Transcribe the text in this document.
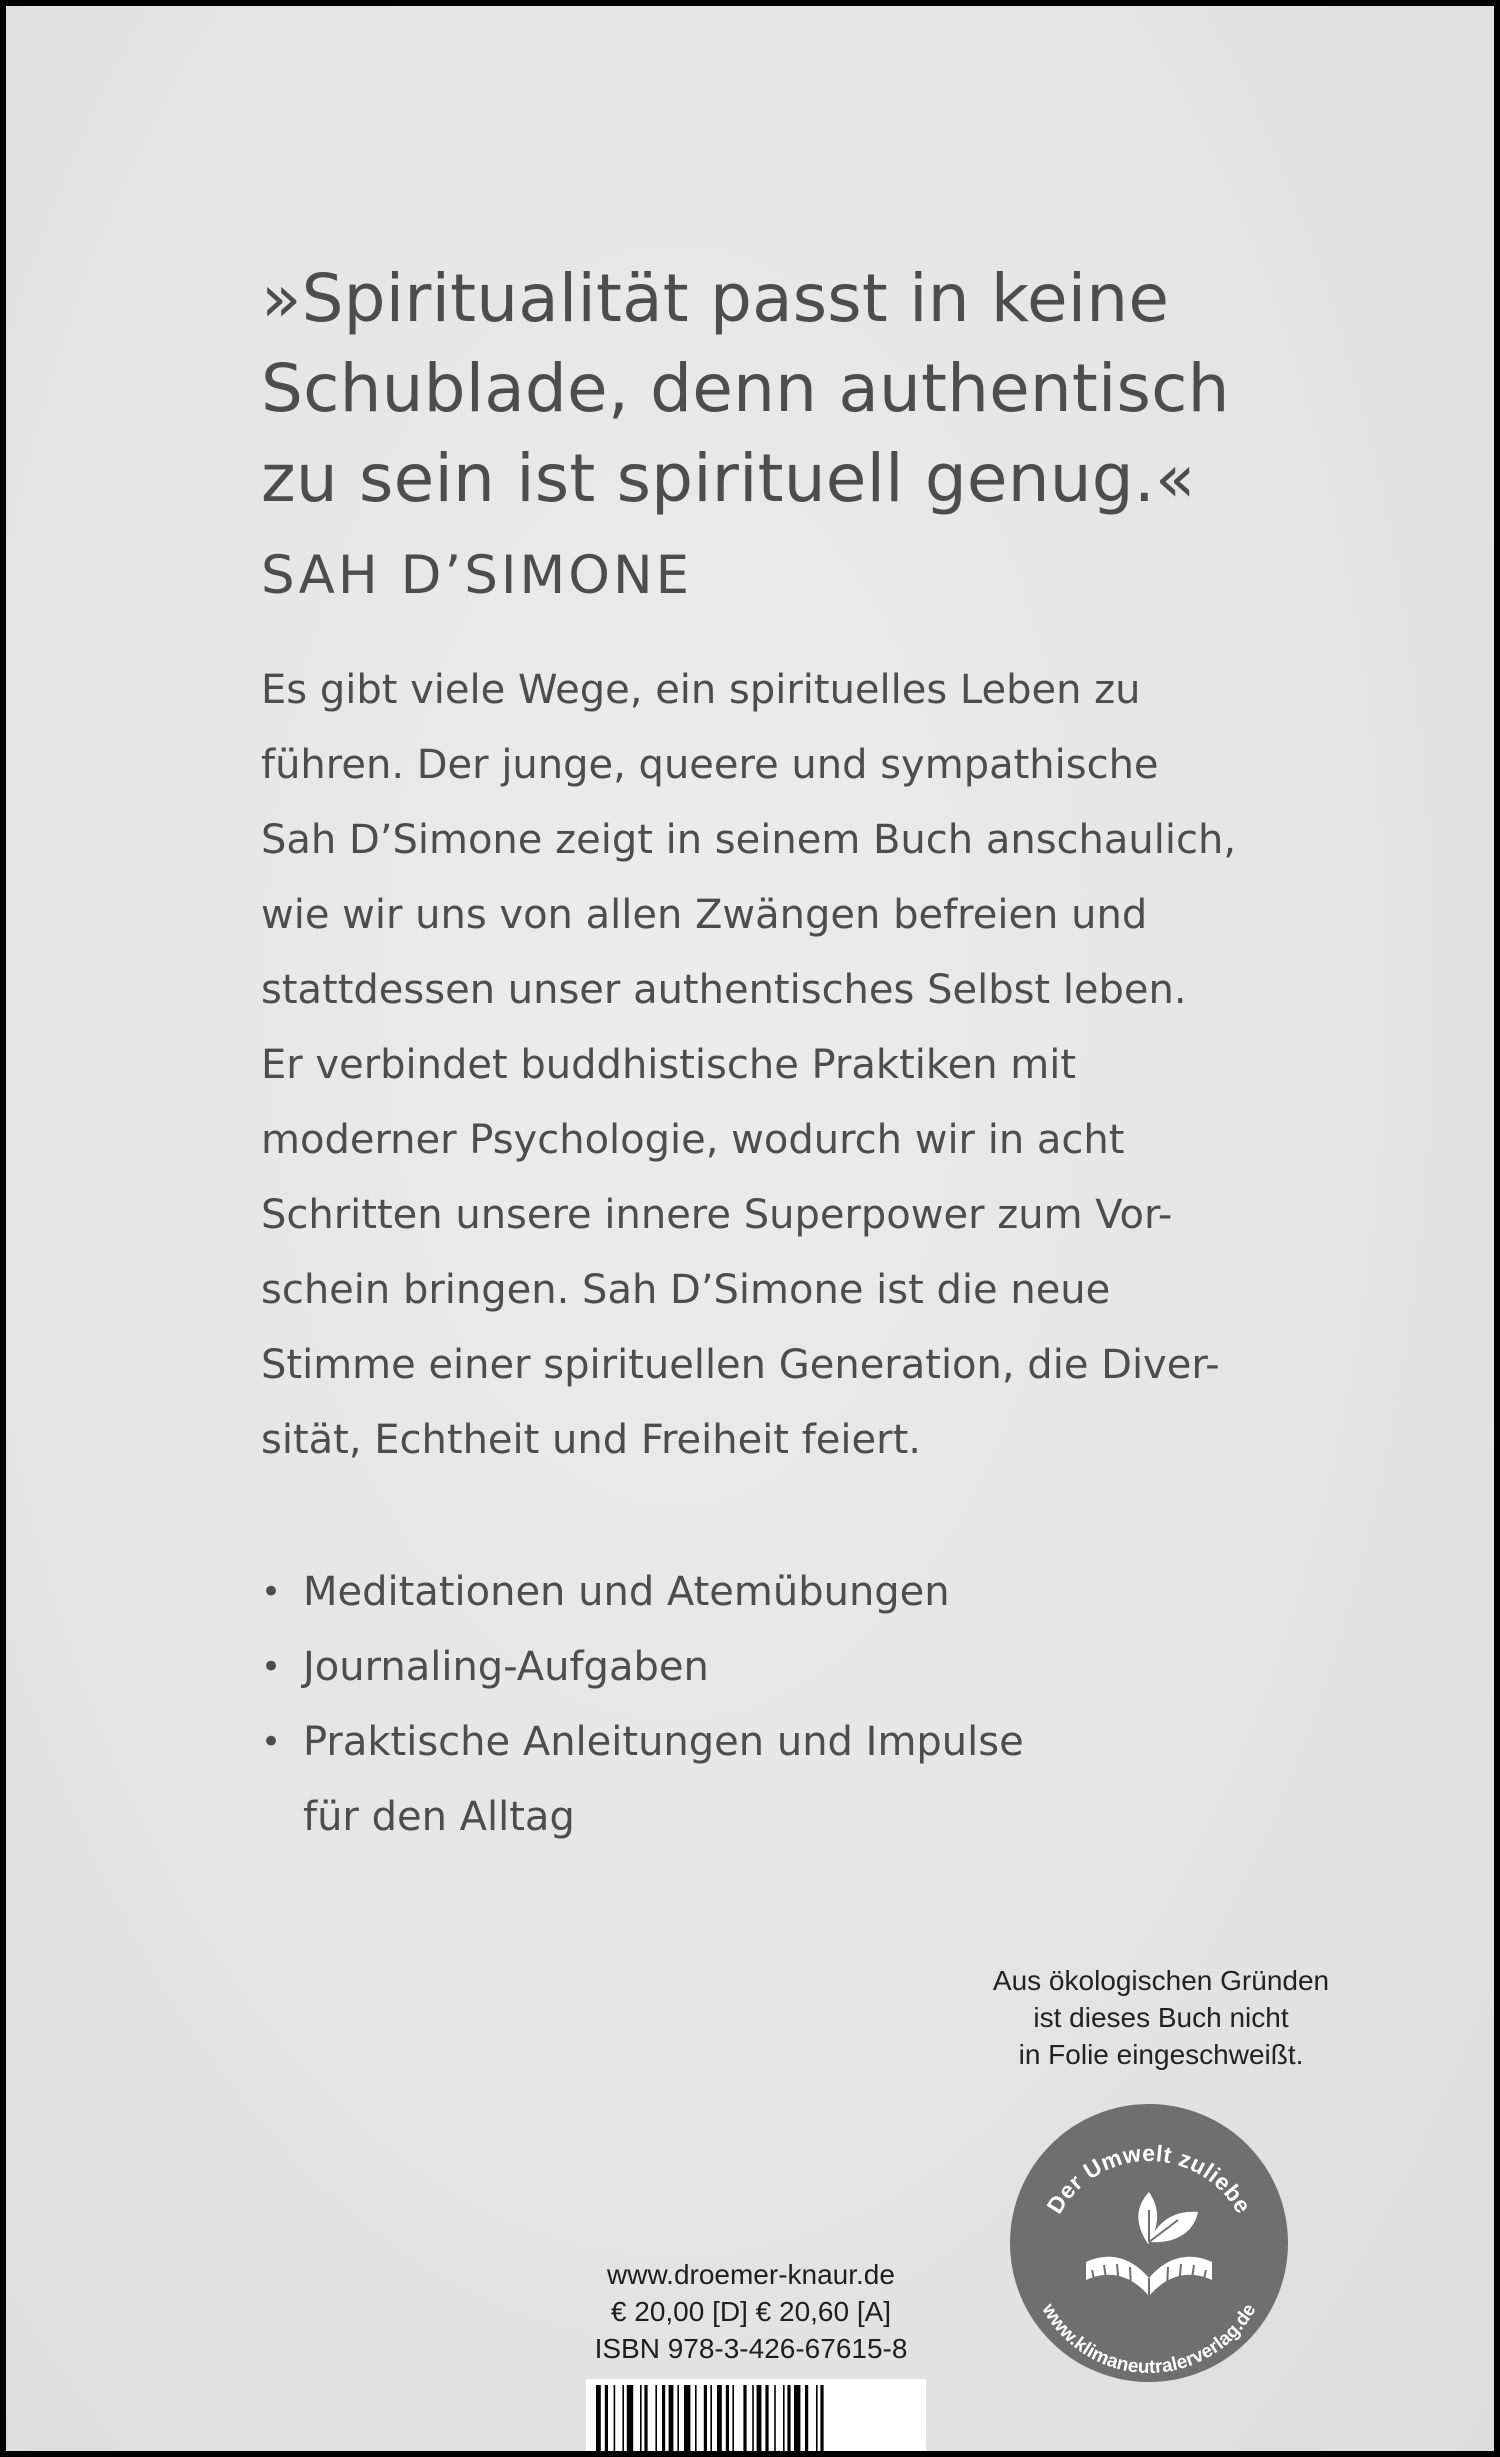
»Spiritualität passt in keine
Schublade, denn authentisch
zu sein ist spirituell genug.«
SAH D’SIMONE
Es gibt viele Wege, ein spirituelles Leben zu
führen. Der junge, queere und sympathische
Sah D’Simone zeigt in seinem Buch anschaulich,
wie wir uns von allen Zwängen befreien und
stattdessen unser authentisches Selbst leben.
Er verbindet buddhistische Praktiken mit
moderner Psychologie, wodurch wir in acht
Schritten unsere innere Superpower zum Vor-
schein bringen. Sah D’Simone ist die neue
Stimme einer spirituellen Generation, die Diver-
sität, Echtheit und Freiheit feiert.
• Meditationen und Atemübungen
• Journaling-Aufgaben
• Praktische Anleitungen und Impulse
für den Alltag
Aus ökologischen Gründen
ist dieses Buch nicht
in Folie eingeschweißt.
Der Umwelt zuliebe
www.klimaneutralerverlag.de
www.droemer-knaur.de
€ 20,00 [D] € 20,60 [A]
ISBN 978-3-426-67615-8
